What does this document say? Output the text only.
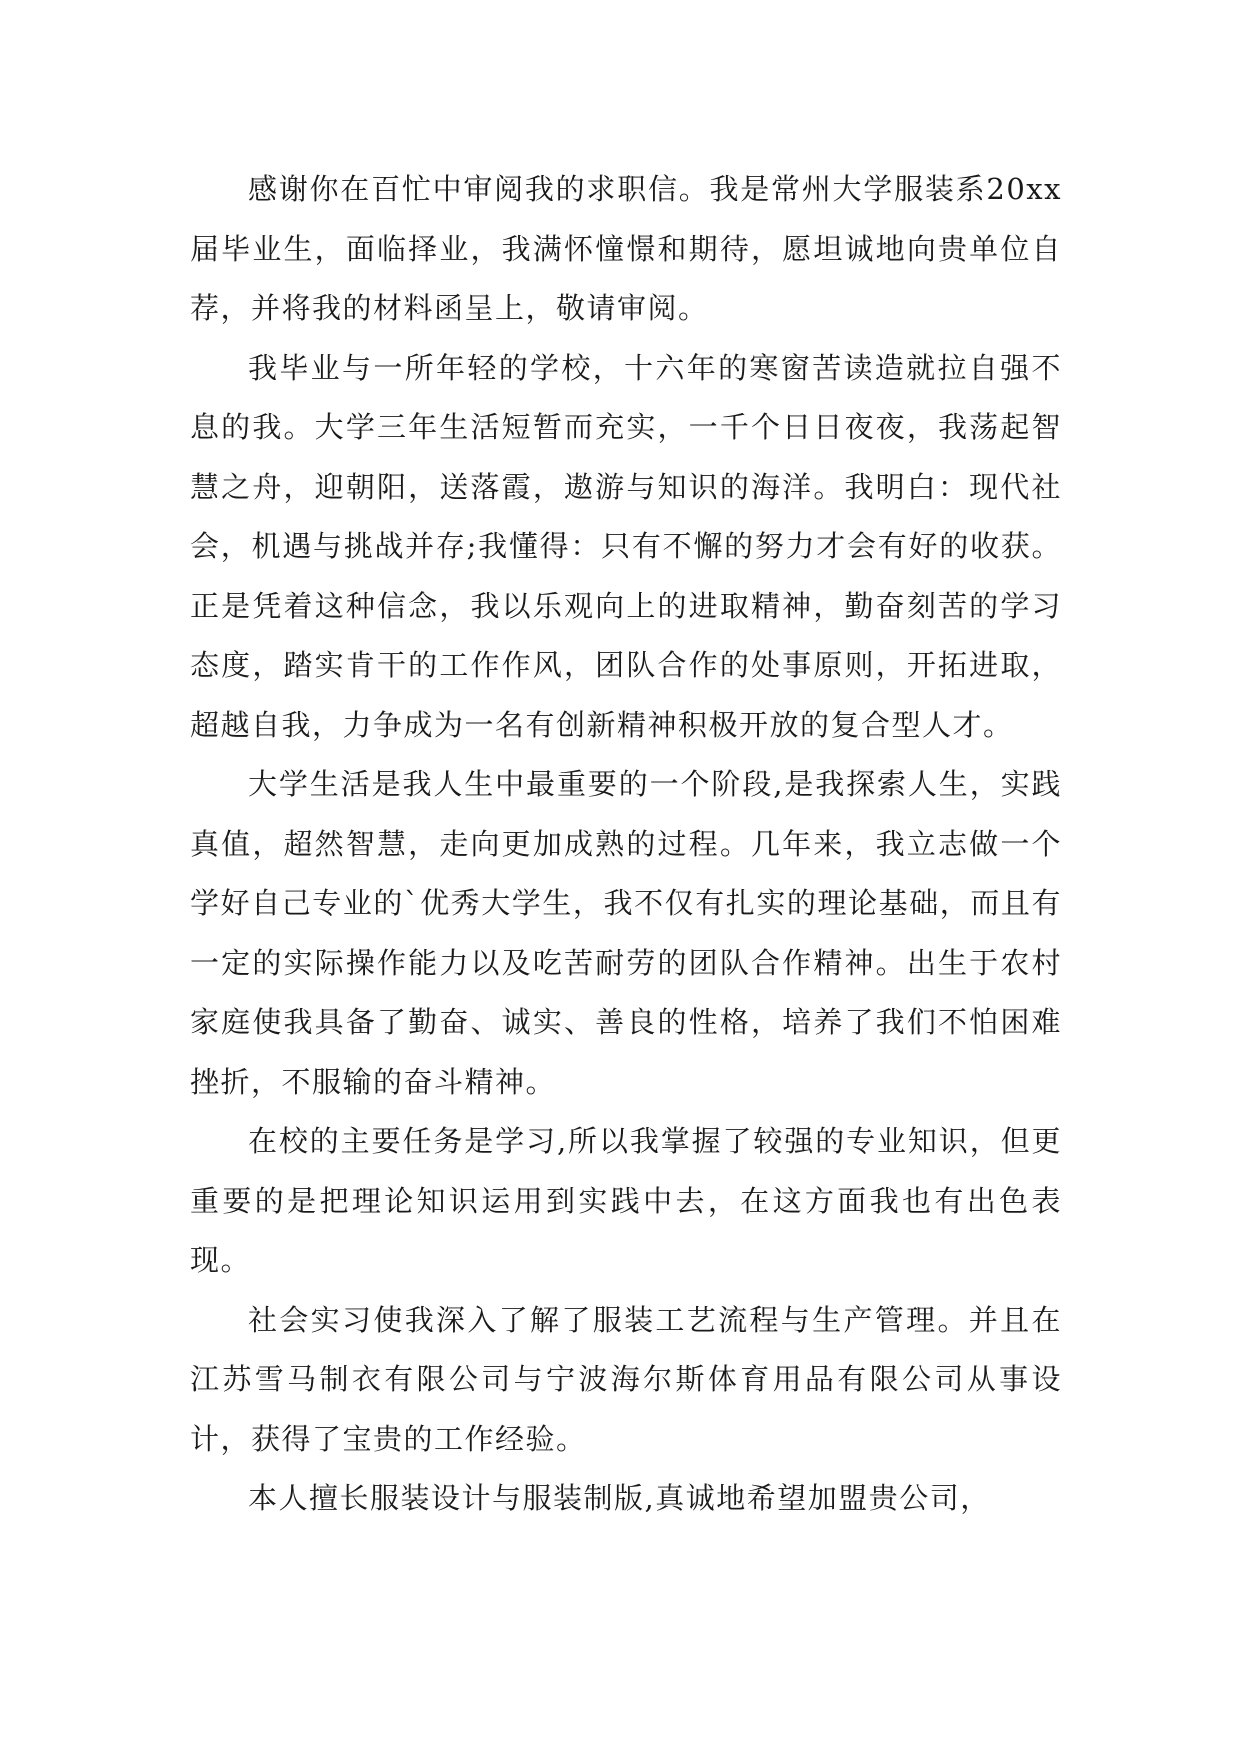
感谢你在百忙中审阅我的求职信。我是常州大学服装系20xx届毕业生，面临择业，我满怀憧憬和期待，愿坦诚地向贵单位自荐，并将我的材料函呈上，敬请审阅。

我毕业与一所年轻的学校，十六年的寒窗苦读造就拉自强不息的我。大学三年生活短暂而充实，一千个日日夜夜，我荡起智慧之舟，迎朝阳，送落霞，遨游与知识的海洋。我明白：现代社会，机遇与挑战并存;我懂得：只有不懈的努力才会有好的收获。正是凭着这种信念，我以乐观向上的进取精神，勤奋刻苦的学习态度，踏实肯干的工作作风，团队合作的处事原则，开拓进取，超越自我，力争成为一名有创新精神积极开放的复合型人才。

大学生活是我人生中最重要的一个阶段,是我探索人生，实践真值，超然智慧，走向更加成熟的过程。几年来，我立志做一个学好自己专业的`优秀大学生，我不仅有扎实的理论基础，而且有一定的实际操作能力以及吃苦耐劳的团队合作精神。出生于农村家庭使我具备了勤奋、诚实、善良的性格，培养了我们不怕困难挫折，不服输的奋斗精神。

在校的主要任务是学习,所以我掌握了较强的专业知识，但更重要的是把理论知识运用到实践中去，在这方面我也有出色表现。

社会实习使我深入了解了服装工艺流程与生产管理。并且在江苏雪马制衣有限公司与宁波海尔斯体育用品有限公司从事设计，获得了宝贵的工作经验。

本人擅长服装设计与服装制版,真诚地希望加盟贵公司，
